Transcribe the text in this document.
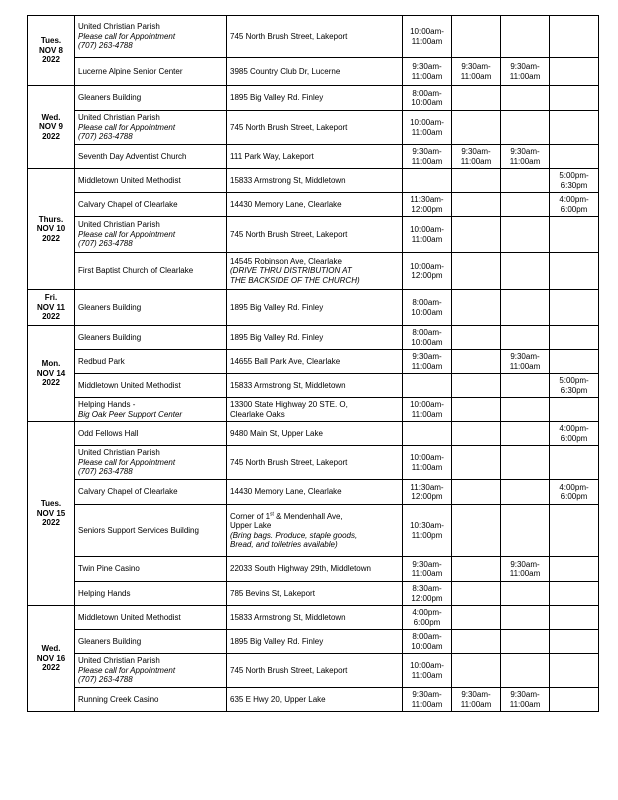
Tues.
NOV 8
2022	United Christian Parish
Please call for Appointment
(707) 263-4788	745 North Brush Street, Lakeport	10:00am-11:00am			

	Lucerne Alpine Senior Center	3985 Country Club Dr, Lucerne	9:30am-11:00am	9:30am-11:00am	9:30am-11:00am	

Wed.
NOV 9
2022	Gleaners Building	1895 Big Valley Rd. Finley	8:00am-10:00am			

	United Christian Parish
Please call for Appointment
(707) 263-4788	745 North Brush Street, Lakeport	10:00am-11:00am			

	Seventh Day Adventist Church	111 Park Way, Lakeport	9:30am-11:00am	9:30am-11:00am	9:30am-11:00am	

Thurs.
NOV 10
2022	Middletown United Methodist	15833 Armstrong St, Middletown				5:00pm-6:30pm

	Calvary Chapel of Clearlake	14430 Memory Lane, Clearlake	11:30am-12:00pm			4:00pm-6:00pm

	United Christian Parish
Please call for Appointment
(707) 263-4788	745 North Brush Street, Lakeport	10:00am-11:00am			

	First Baptist Church of Clearlake	14545 Robinson Ave, Clearlake
(DRIVE THRU DISTRIBUTION AT
THE BACKSIDE OF THE CHURCH)	10:00am-12:00pm			

Fri.
NOV 11
2022	Gleaners Building	1895 Big Valley Rd. Finley	8:00am-10:00am			

Mon.
NOV 14
2022	Gleaners Building	1895 Big Valley Rd. Finley	8:00am-10:00am			

	Redbud Park	14655 Ball Park Ave, Clearlake	9:30am-11:00am		9:30am-11:00am	

	Middletown United Methodist	15833 Armstrong St, Middletown				5:00pm-6:30pm

	Helping Hands -
Big Oak Peer Support Center	13300 State Highway 20 STE. O,
Clearlake Oaks	10:00am-11:00am			

Tues.
NOV 15
2022	Odd Fellows Hall	9480 Main St, Upper Lake				4:00pm-6:00pm

	United Christian Parish
Please call for Appointment
(707) 263-4788	745 North Brush Street, Lakeport	10:00am-11:00am			

	Calvary Chapel of Clearlake	14430 Memory Lane, Clearlake	11:30am-12:00pm			4:00pm-6:00pm

	Seniors Support Services Building	Corner of 1st & Mendenhall Ave,
Upper Lake
(Bring bags. Produce, staple goods,
Bread, and toiletries available)	10:30am-11:00pm			

	Twin Pine Casino	22033 South Highway 29th, Middletown	9:30am-11:00am		9:30am-11:00am	

	Helping Hands	785 Bevins St, Lakeport	8:30am-12:00pm			

Wed.
NOV 16
2022	Middletown United Methodist	15833 Armstrong St, Middletown	4:00pm-6:00pm			

	Gleaners Building	1895 Big Valley Rd. Finley	8:00am-10:00am			

	United Christian Parish
Please call for Appointment
(707) 263-4788	745 North Brush Street, Lakeport	10:00am-11:00am			

	Running Creek Casino	635 E Hwy 20, Upper Lake	9:30am-11:00am	9:30am-11:00am	9:30am-11:00am	
